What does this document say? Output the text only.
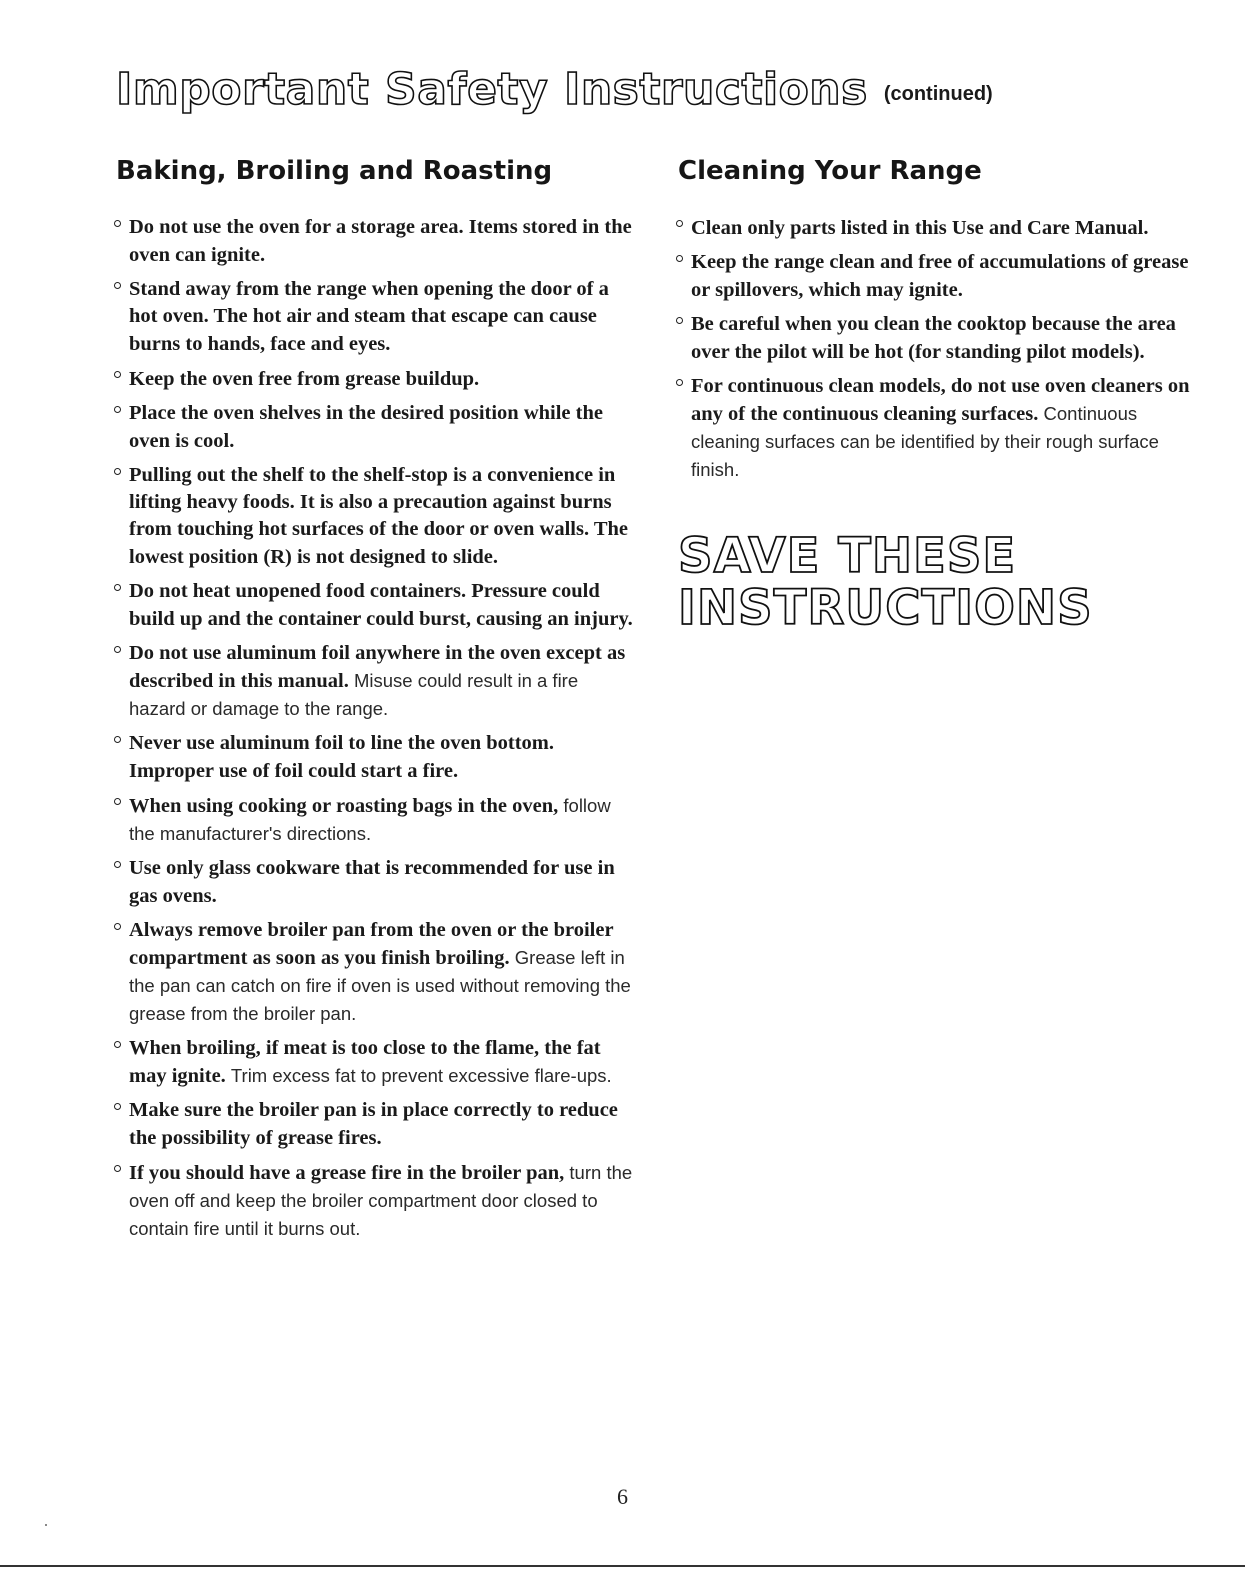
Important Safety Instructions (continued)
Baking, Broiling and Roasting
Do not use the oven for a storage area. Items stored in the oven can ignite.
Stand away from the range when opening the door of a hot oven. The hot air and steam that escape can cause burns to hands, face and eyes.
Keep the oven free from grease buildup.
Place the oven shelves in the desired position while the oven is cool.
Pulling out the shelf to the shelf-stop is a convenience in lifting heavy foods. It is also a precaution against burns from touching hot surfaces of the door or oven walls. The lowest position (R) is not designed to slide.
Do not heat unopened food containers. Pressure could build up and the container could burst, causing an injury.
Do not use aluminum foil anywhere in the oven except as described in this manual. Misuse could result in a fire hazard or damage to the range.
Never use aluminum foil to line the oven bottom. Improper use of foil could start a fire.
When using cooking or roasting bags in the oven, follow the manufacturer's directions.
Use only glass cookware that is recommended for use in gas ovens.
Always remove broiler pan from the oven or the broiler compartment as soon as you finish broiling. Grease left in the pan can catch on fire if oven is used without removing the grease from the broiler pan.
When broiling, if meat is too close to the flame, the fat may ignite. Trim excess fat to prevent excessive flare-ups.
Make sure the broiler pan is in place correctly to reduce the possibility of grease fires.
If you should have a grease fire in the broiler pan, turn the oven off and keep the broiler compartment door closed to contain fire until it burns out.
Cleaning Your Range
Clean only parts listed in this Use and Care Manual.
Keep the range clean and free of accumulations of grease or spillovers, which may ignite.
Be careful when you clean the cooktop because the area over the pilot will be hot (for standing pilot models).
For continuous clean models, do not use oven cleaners on any of the continuous cleaning surfaces. Continuous cleaning surfaces can be identified by their rough surface finish.
SAVE THESE
INSTRUCTIONS
6
